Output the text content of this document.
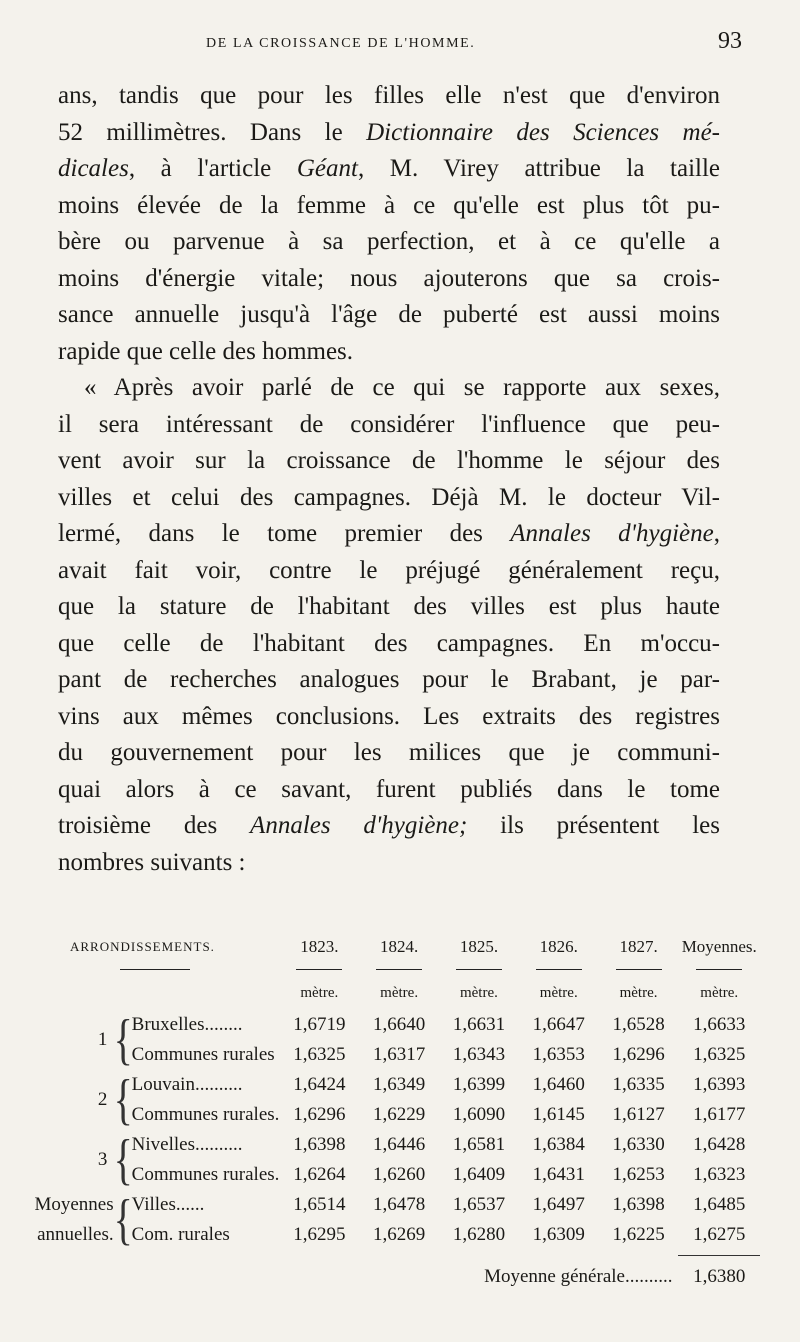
DE LA CROISSANCE DE L'HOMME.	93

ans, tandis que pour les filles elle n'est que d'environ
52 millimètres. Dans le Dictionnaire des Sciences mé-
dicales, à l'article Géant, M. Virey attribue la taille
moins élevée de la femme à ce qu'elle est plus tôt pu-
bère ou parvenue à sa perfection, et à ce qu'elle a
moins d'énergie vitale; nous ajouterons que sa crois-
sance annuelle jusqu'à l'âge de puberté est aussi moins
rapide que celle des hommes.

« Après avoir parlé de ce qui se rapporte aux sexes,
il sera intéressant de considérer l'influence que peu-
vent avoir sur la croissance de l'homme le séjour des
villes et celui des campagnes. Déjà M. le docteur Vil-
lermé, dans le tome premier des Annales d'hygiène,
avait fait voir, contre le préjugé généralement reçu,
que la stature de l'habitant des villes est plus haute
que celle de l'habitant des campagnes. En m'occu-
pant de recherches analogues pour le Brabant, je par-
vins aux mêmes conclusions. Les extraits des registres
du gouvernement pour les milices que je communi-
quai alors à ce savant, furent publiés dans le tome
troisième des Annales d'hygiène; ils présentent les
nombres suivants :

ARRONDISSEMENTS.				1823.	1824.	1825.	1826.	1827.	Moyennes.

				mètre.	mètre.	mètre.	mètre.	mètre.	mètre.
	1	{	Bruxelles........	1,6719	1,6640	1,6631	1,6647	1,6528	1,6633
			Communes rurales	1,6325	1,6317	1,6343	1,6353	1,6296	1,6325
	2	{	Louvain..........	1,6424	1,6349	1,6399	1,6460	1,6335	1,6393
			Communes rurales.	1,6296	1,6229	1,6090	1,6145	1,6127	1,6177
	3	{	Nivelles..........	1,6398	1,6446	1,6581	1,6384	1,6330	1,6428
			Communes rurales.	1,6264	1,6260	1,6409	1,6431	1,6253	1,6323
Moyennes		{	Villes......	1,6514	1,6478	1,6537	1,6497	1,6398	1,6485
annuelles.			Com. rurales	1,6295	1,6269	1,6280	1,6309	1,6225	1,6275

					Moyenne générale..........				1,6380
